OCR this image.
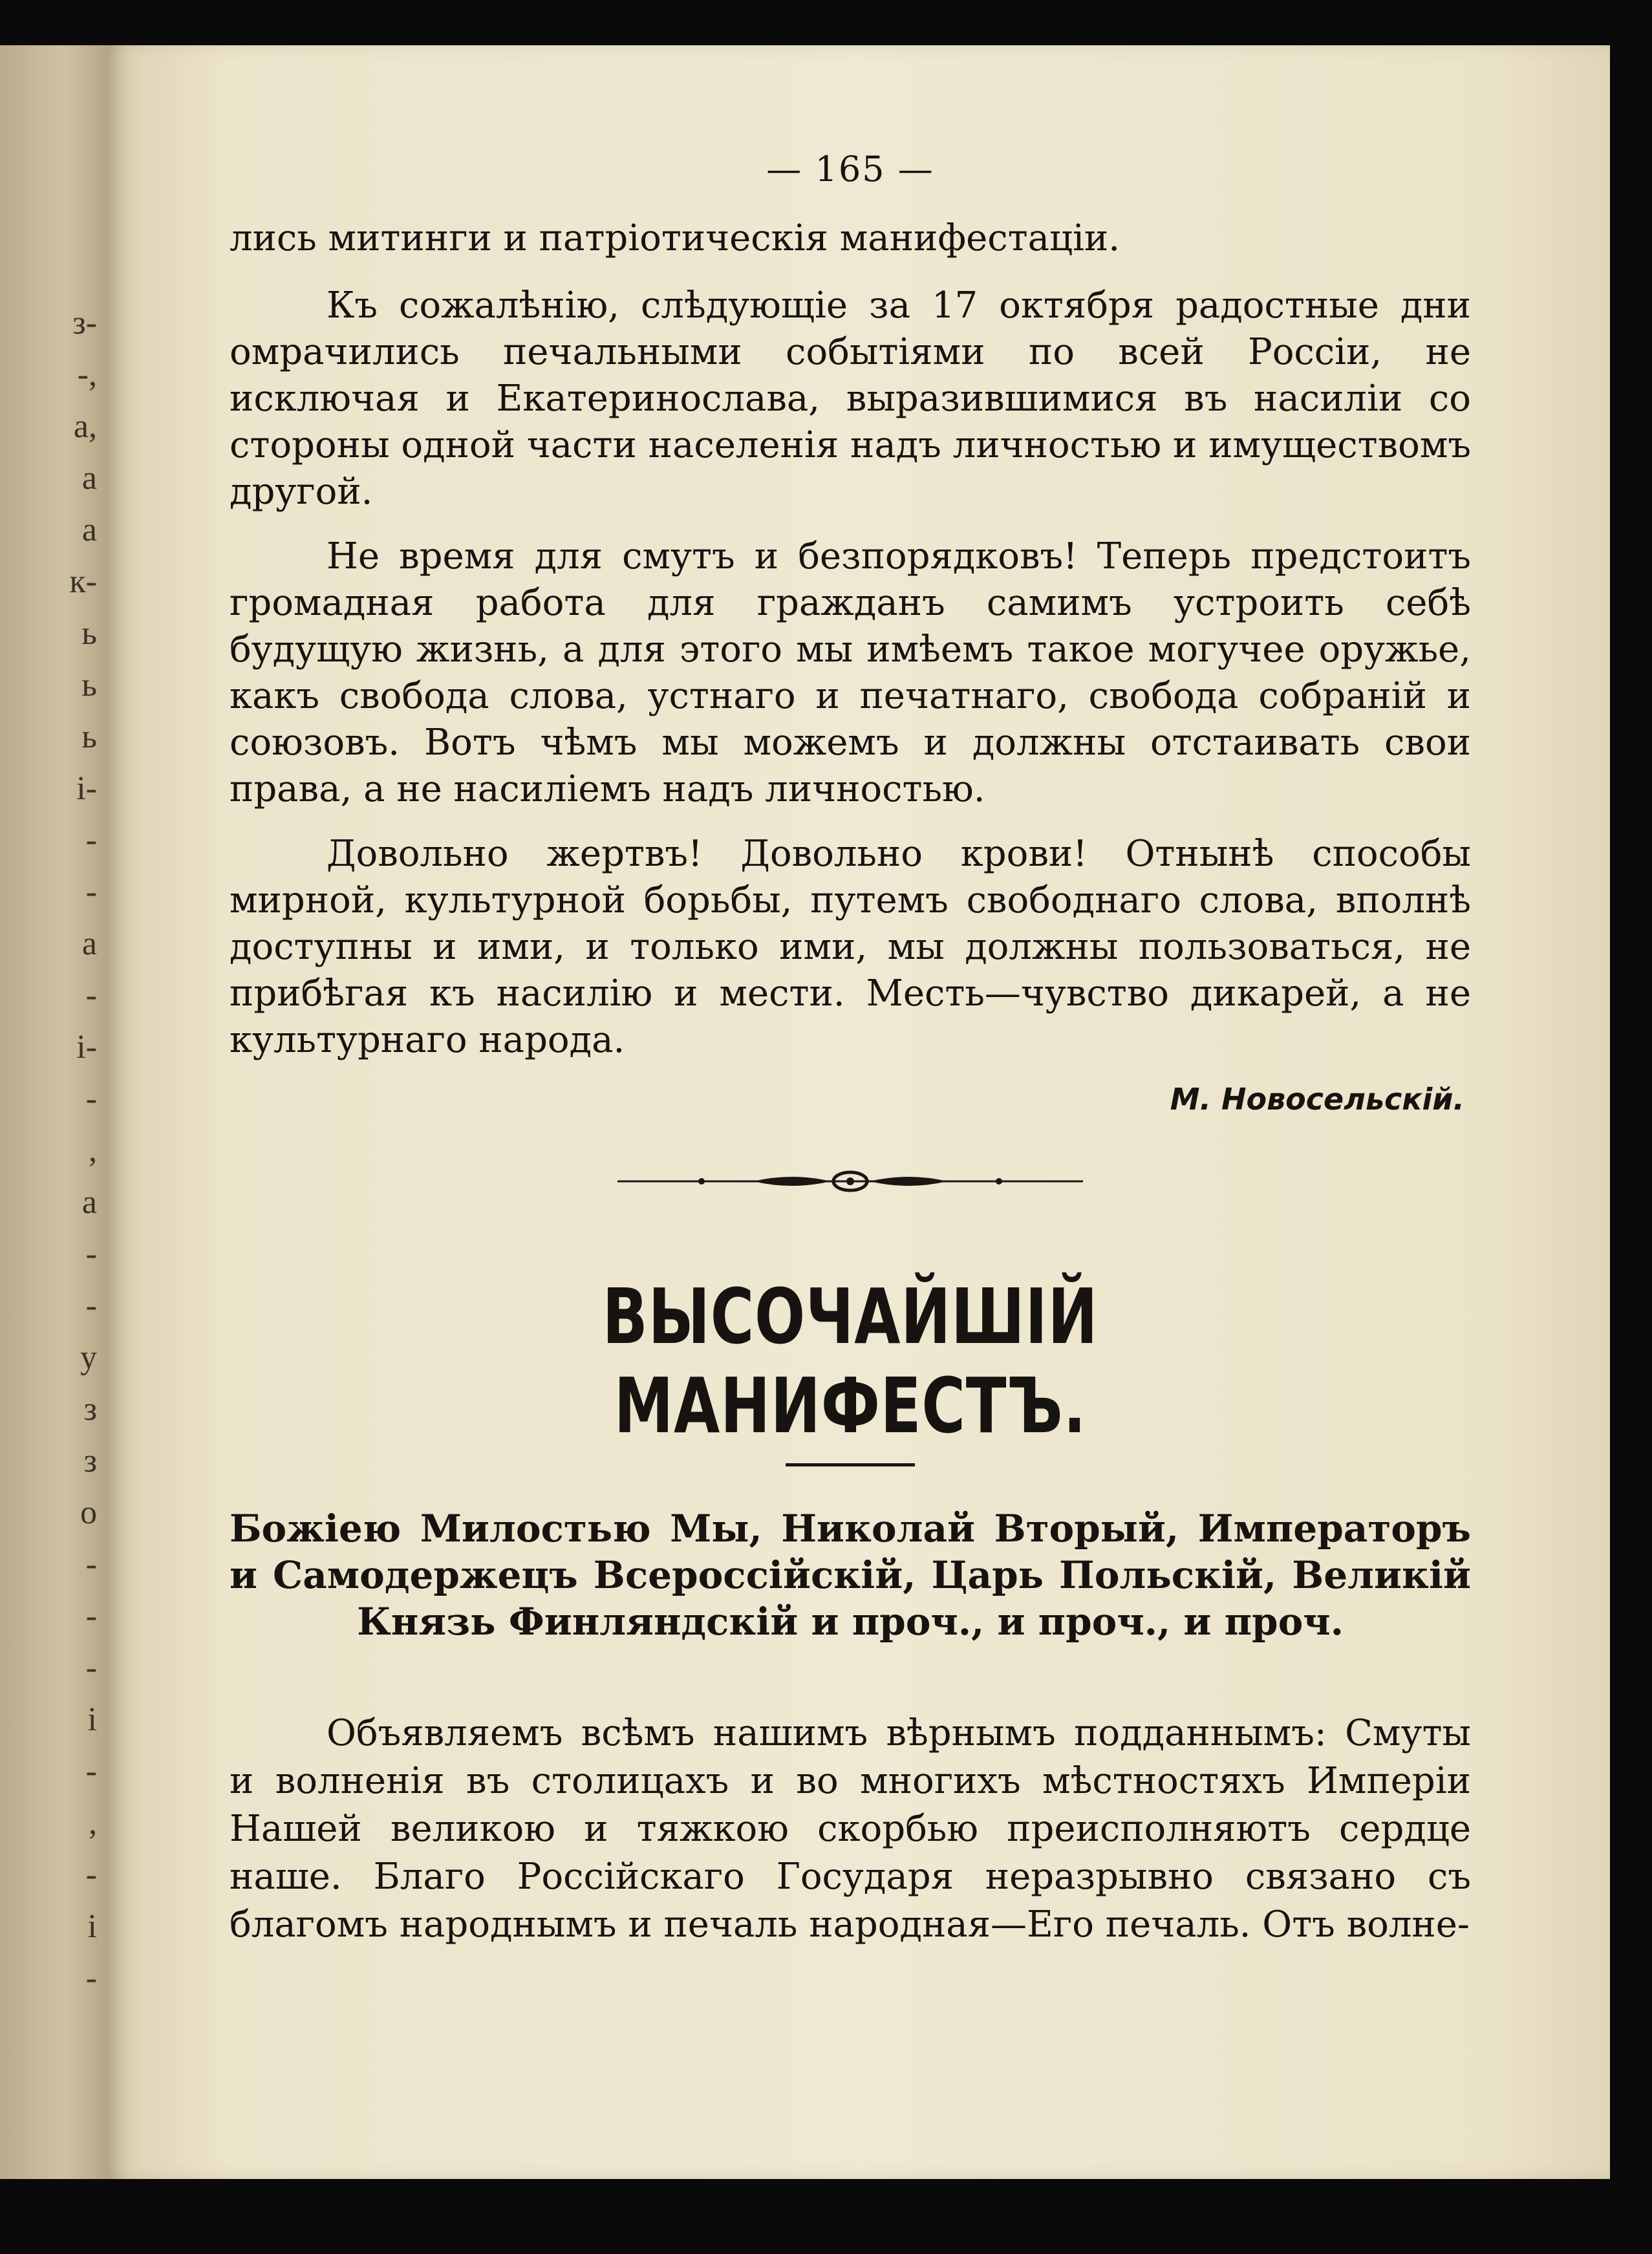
з-
-,
а,
а
а
к-
ь
ь
ь
і-
-
-
а
-
і-
-
,
а
-
-
у
з
з
о
-
-
-
і
-
,
-
і
-
— 165 —

лись митинги и патріотическія манифестаціи.

Къ сожалѣнію, слѣдующіе за 17 октября радостные дни омрачились печальными событіями по всей Россіи, не исключая и Екатеринослава, выразившимися въ насиліи со стороны одной части населенія надъ личностью и имуществомъ другой.

Не время для смутъ и безпорядковъ! Теперь предстоитъ громадная работа для гражданъ самимъ устроить себѣ будущую жизнь, а для этого мы имѣемъ такое могучее оружье, какъ свобода слова, устнаго и печатнаго, свобода собраній и союзовъ. Вотъ чѣмъ мы можемъ и должны отстаивать свои права, а не насиліемъ надъ личностью.

Довольно жертвъ! Довольно крови! Отнынѣ способы мирной, культурной борьбы, путемъ свободнаго слова, вполнѣ доступны и ими, и только ими, мы должны пользоваться, не прибѣгая къ насилію и мести. Месть—чувство дикарей, а не культурнаго народа.

М. Новосельскій.
ВЫСОЧАЙШІЙ МАНИФЕСТЪ.

Божіею Милостью Мы, Николай Вторый, Императоръ и Самодержецъ Всероссійскій, Царь Польскій, Великій Князь Финляндскій и проч., и проч., и проч.

Объявляемъ всѣмъ нашимъ вѣрнымъ подданнымъ: Смуты и волненія въ столицахъ и во многихъ мѣстностяхъ Имперіи Нашей великою и тяжкою скорбью преисполняютъ сердце наше. Благо Россійскаго Государя неразрывно связано съ благомъ народнымъ и печаль народная—Его печаль. Отъ волне-
